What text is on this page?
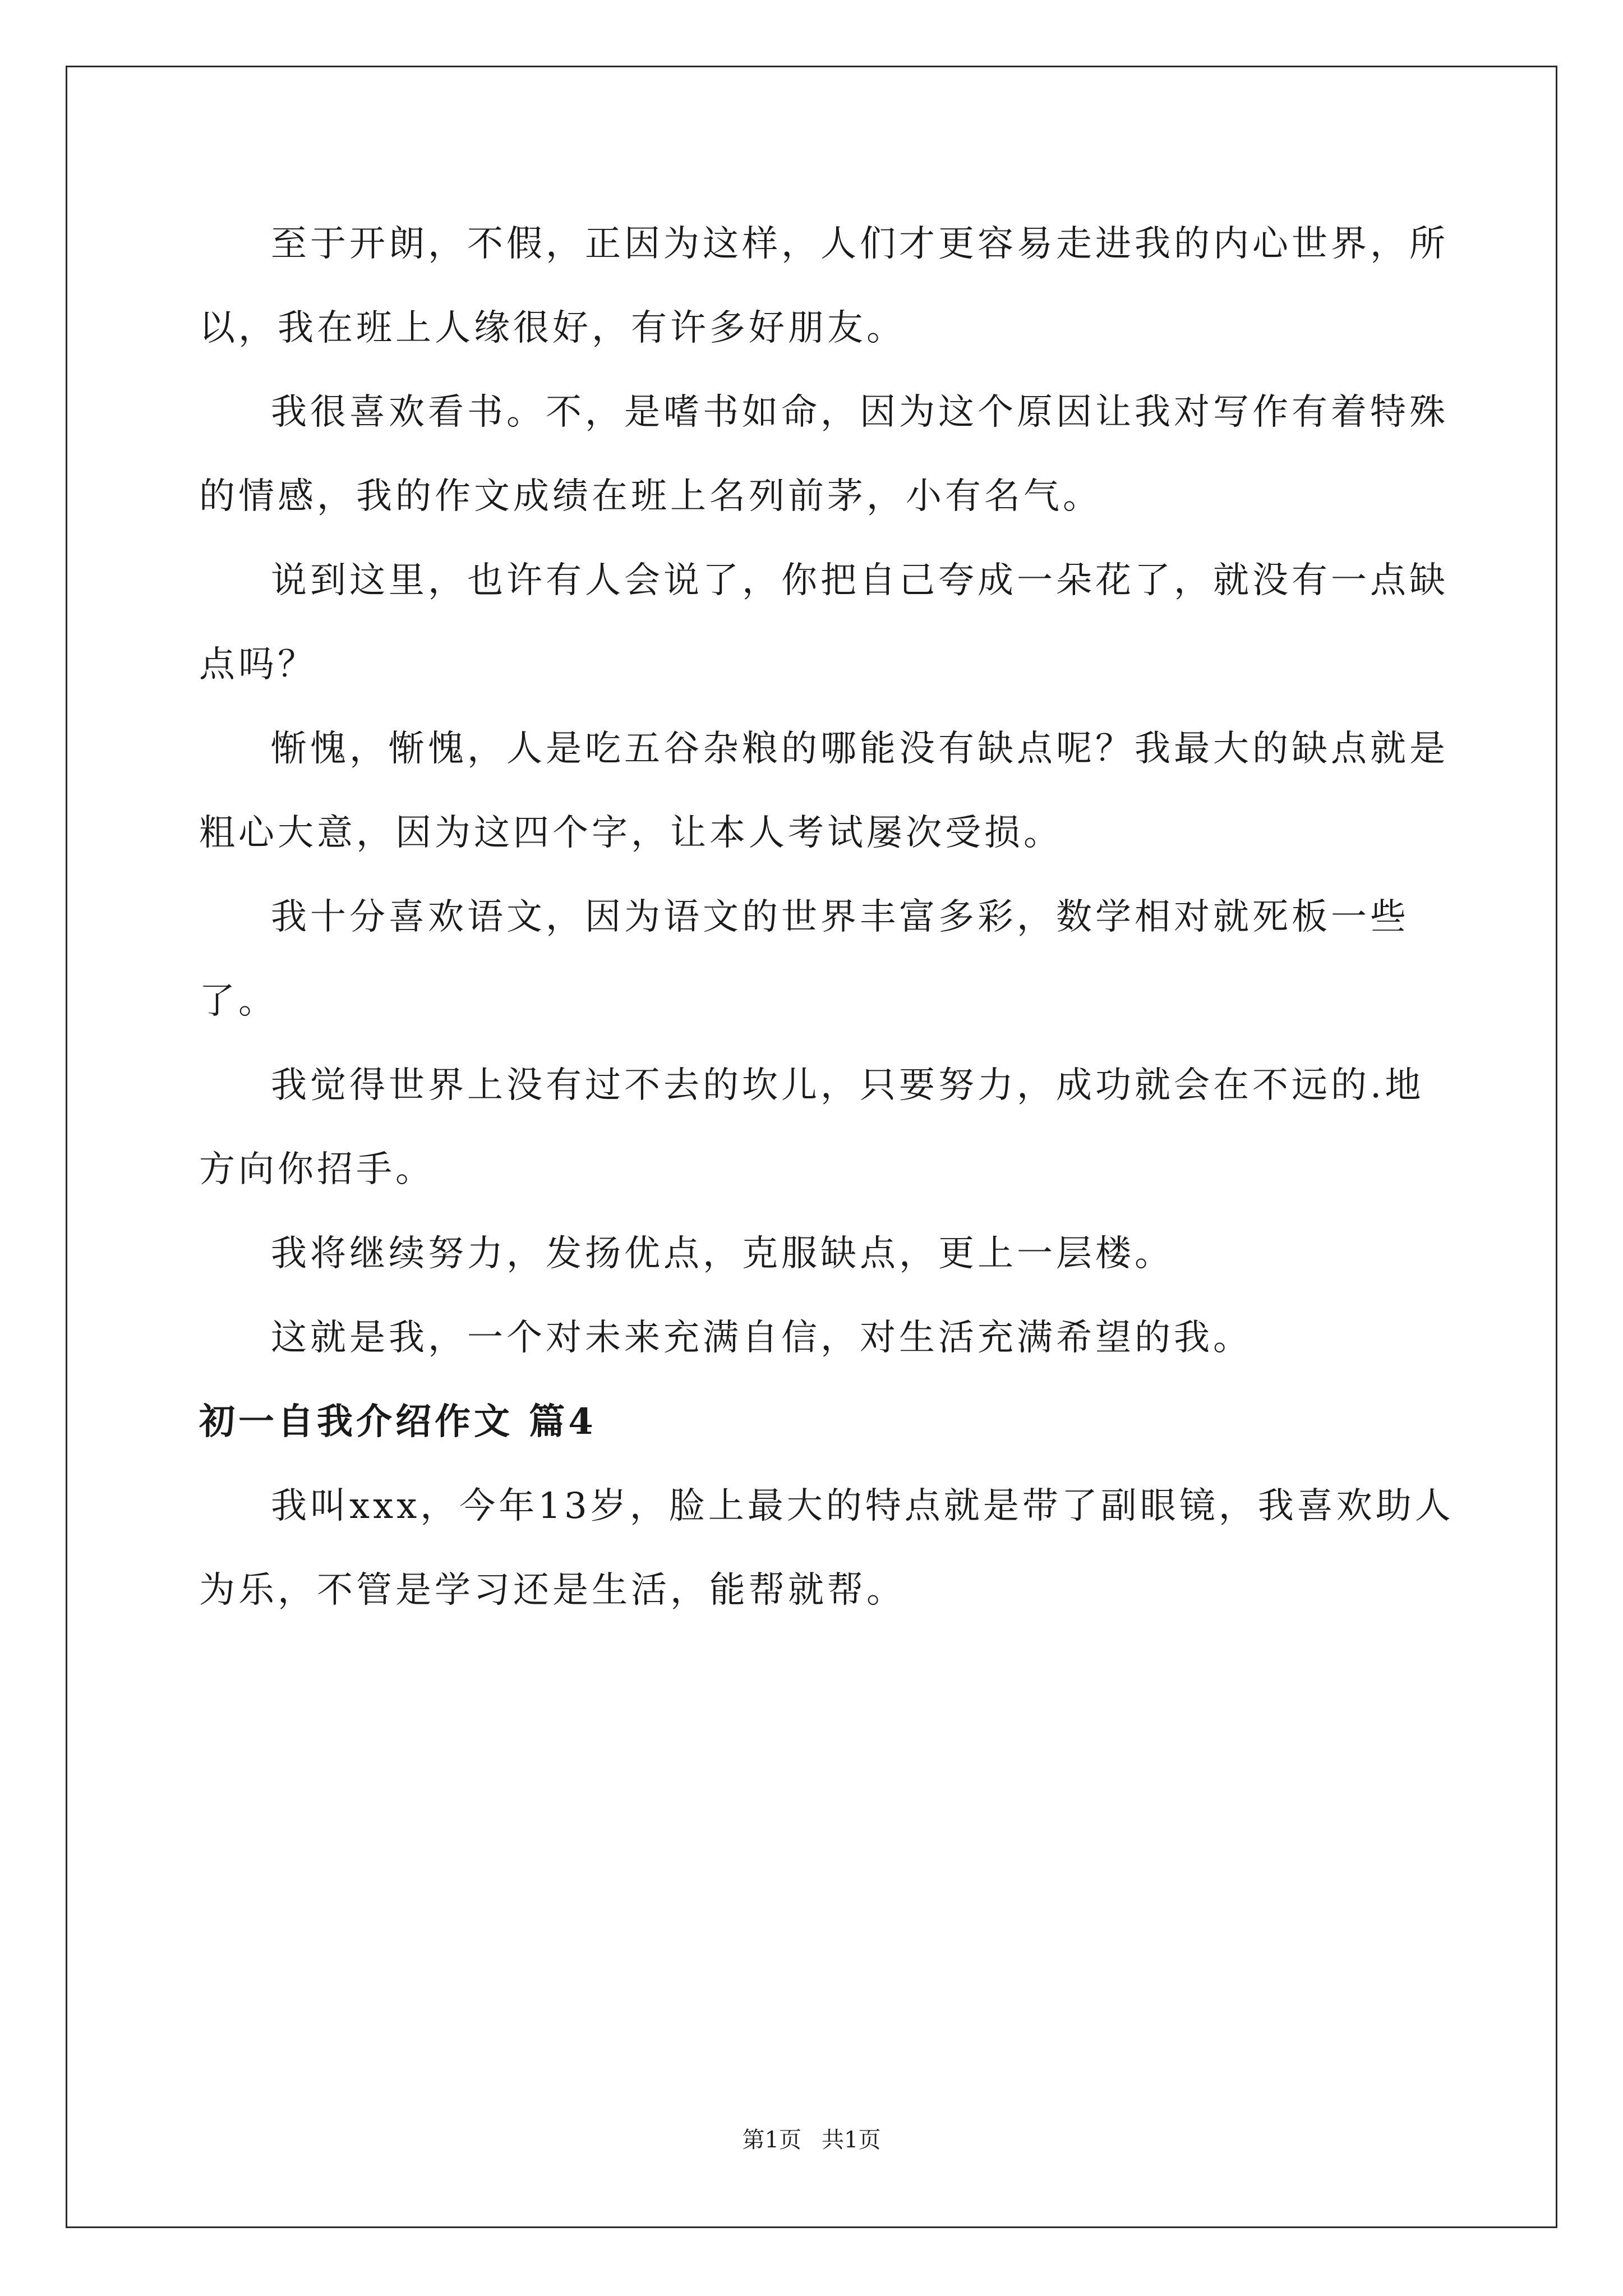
至于开朗，不假，正因为这样，人们才更容易走进我的内心世界，所以，我在班上人缘很好，有许多好朋友。

我很喜欢看书。不，是嗜书如命，因为这个原因让我对写作有着特殊的情感，我的作文成绩在班上名列前茅，小有名气。

说到这里，也许有人会说了，你把自己夸成一朵花了，就没有一点缺点吗？

惭愧，惭愧，人是吃五谷杂粮的哪能没有缺点呢？我最大的缺点就是粗心大意，因为这四个字，让本人考试屡次受损。

我十分喜欢语文，因为语文的世界丰富多彩，数学相对就死板一些了。

我觉得世界上没有过不去的坎儿，只要努力，成功就会在不远的.地方向你招手。

我将继续努力，发扬优点，克服缺点，更上一层楼。

这就是我，一个对未来充满自信，对生活充满希望的我。

初一自我介绍作文 篇4

我叫xxx，今年13岁，脸上最大的特点就是带了副眼镜，我喜欢助人为乐，不管是学习还是生活，能帮就帮。

第1页 共1页
